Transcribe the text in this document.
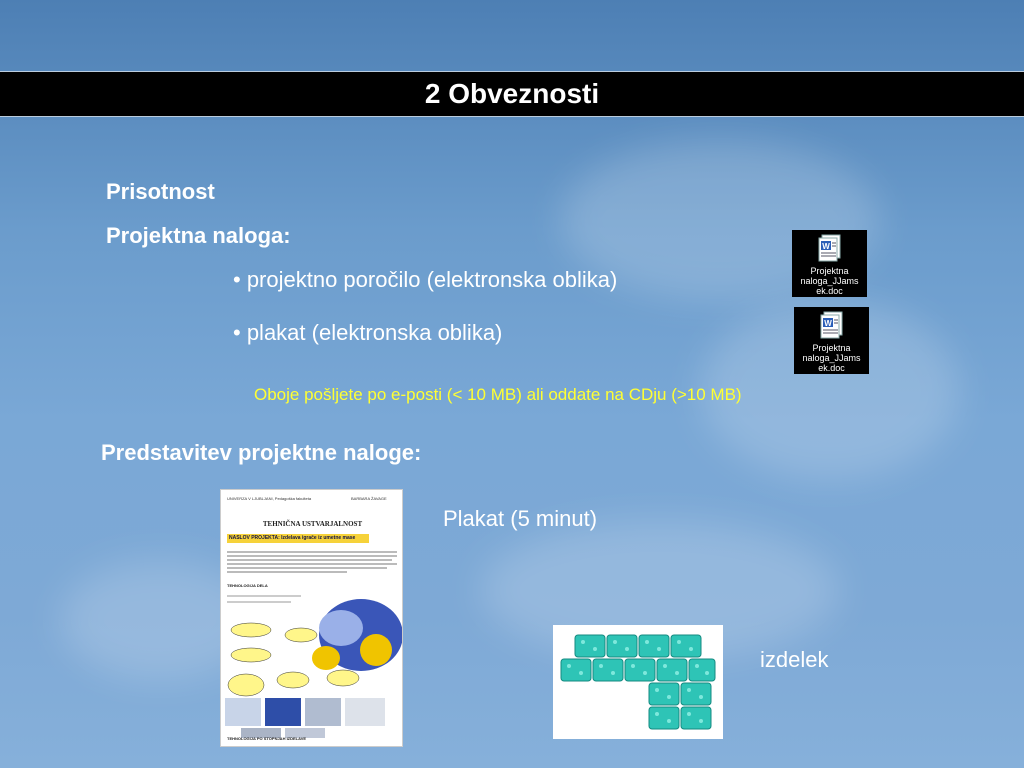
2 Obveznosti
Prisotnost
Projektna naloga:
• projektno poročilo (elektronska oblika)
• plakat (elektronska oblika)
Oboje pošljete po e-posti (< 10 MB) ali oddate na CDju (>10 MB)
Predstavitev projektne naloge:
Plakat (5 minut)
izdelek
W
Projektna
naloga_JJams
ek.doc
W
Projektna
naloga_JJams
ek.doc
UNIVERZA V LJUBLJANI, Pedagoška fakulteta	BARBARA ŽAVAGE
TEHNIČNA USTVARJALNOST
NASLOV PROJEKTA: Izdelava igrače iz umetne mase
TEHNOLOGIJA DELA
TEHNOLOGIJA PO STOPNJAH IZDELAVE
